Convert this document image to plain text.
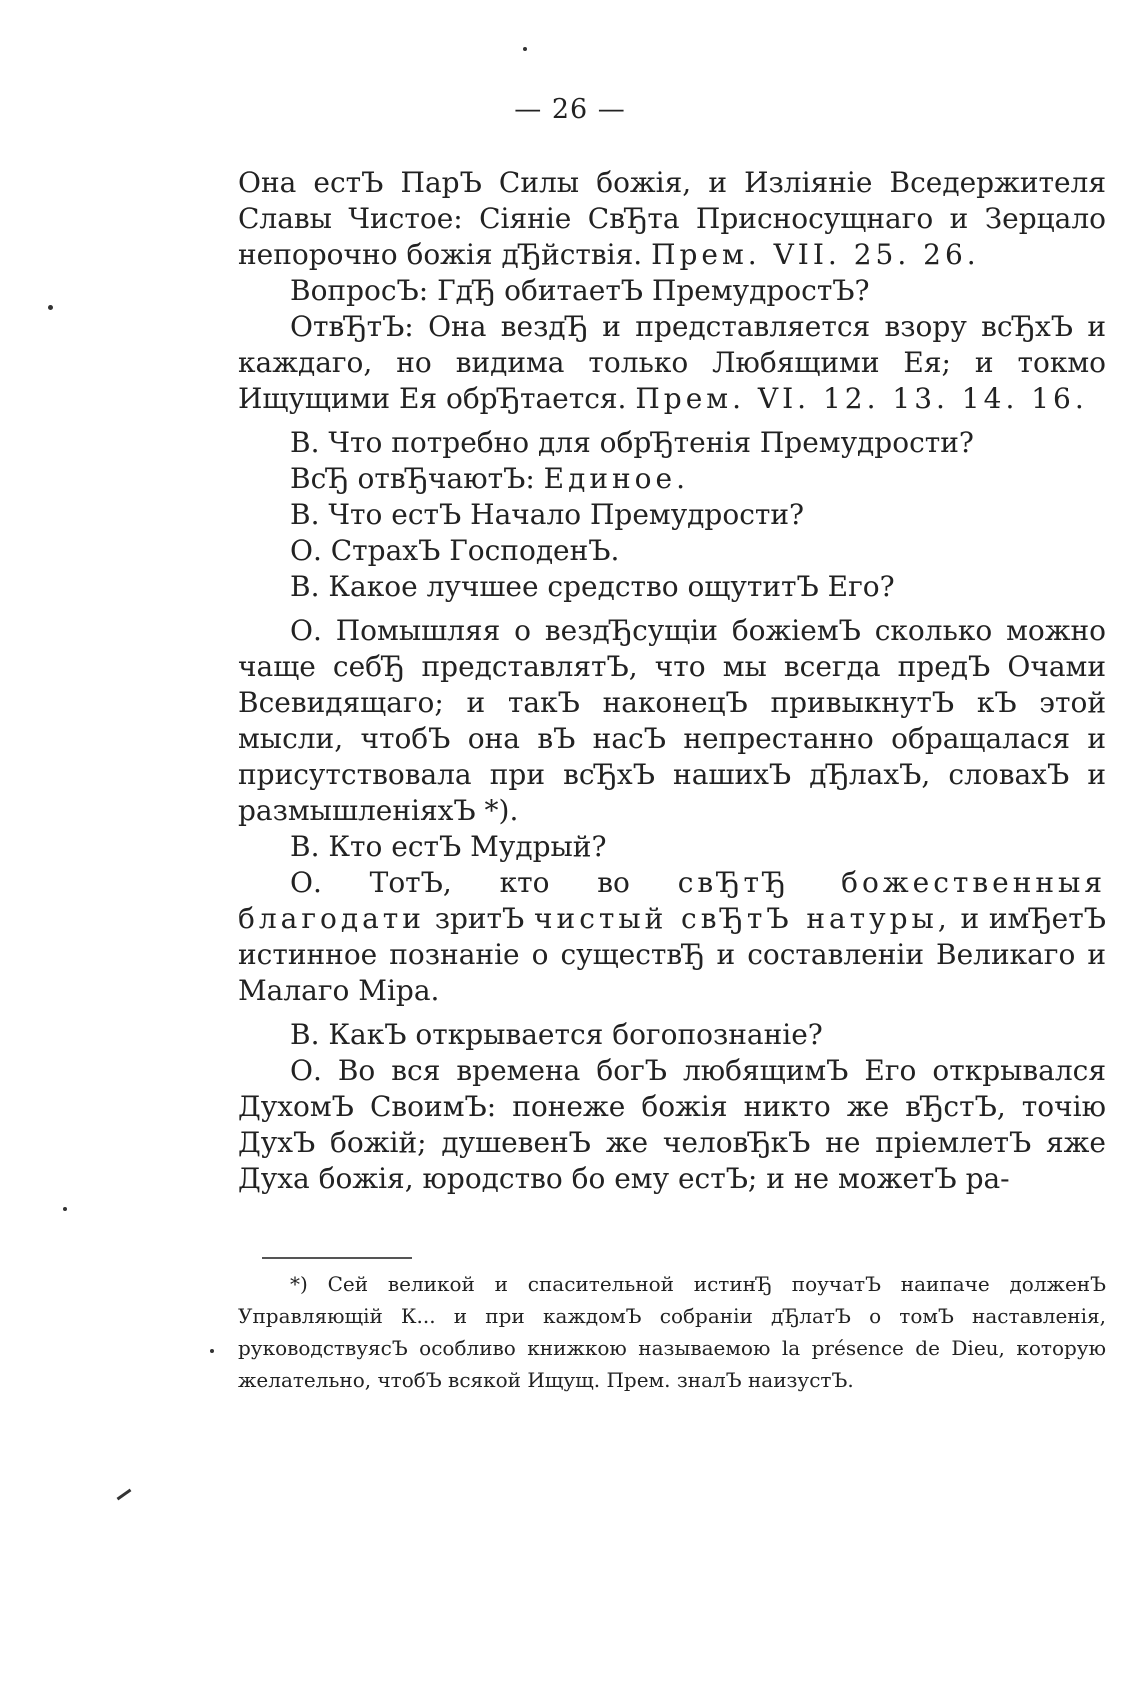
— 26 —

Она естЪ ПарЪ Силы божія, и Изліяніе Вседержителя Славы Чистое: Сіяніе СвЂта Присносущнаго и Зерцало непорочно божія дЂйствія. Прем. VII. 25. 26.

ВопросЪ: ГдЂ обитаетЪ ПремудростЪ?

ОтвЂтЪ: Она вездЂ и представляется взору всЂхЪ и каждаго, но видима только Любящими Ея; и токмо Ищущими Ея обрЂтается. Прем. VI. 12. 13. 14. 16.

В. Что потребно для обрЂтенія Премудрости?

ВсЂ отвЂчаютЪ: Единое.

В. Что естЪ Начало Премудрости?

О. СтрахЪ ГосподенЪ.

В. Какое лучшее средство ощутитЪ Его?

О. Помышляя о вездЂсущіи божіемЪ сколько можно чаще себЂ представлятЪ, что мы всегда предЪ Очами Всевидящаго; и такЪ наконецЪ привыкнутЪ кЪ этой мысли, чтобЪ она вЪ насЪ непрестанно обращалася и присутствовала при всЂхЪ нашихЪ дЂлахЪ, словахЪ и размышленіяхЪ *).

В. Кто естЪ Мудрый?

О. ТотЪ, кто во свЂтЂ божественныя благодати зритЪ чистый свЂтЪ натуры, и имЂетЪ истинное познаніе о существЂ и составленіи Великаго и Малаго Міра.

В. КакЪ открывается богопознаніе?

О. Во вся времена богЪ любящимЪ Его открывался ДухомЪ СвоимЪ: понеже божія никто же вЂстЪ, точію ДухЪ божій; душевенЪ же человЂкЪ не пріемлетЪ яже Духа божія, юродство бо ему естЪ; и не можетЪ ра-

*) Сей великой и спасительной истинЂ поучатЪ наипаче долженЪ Управляющій К... и при каждомЪ собраніи дЂлатЪ о томЪ наставленія, руководствуясЪ особливо книжкою называемою la présence de Dieu, которую желательно, чтобЪ всякой Ищущ. Прем. зналЪ наизустЪ.
